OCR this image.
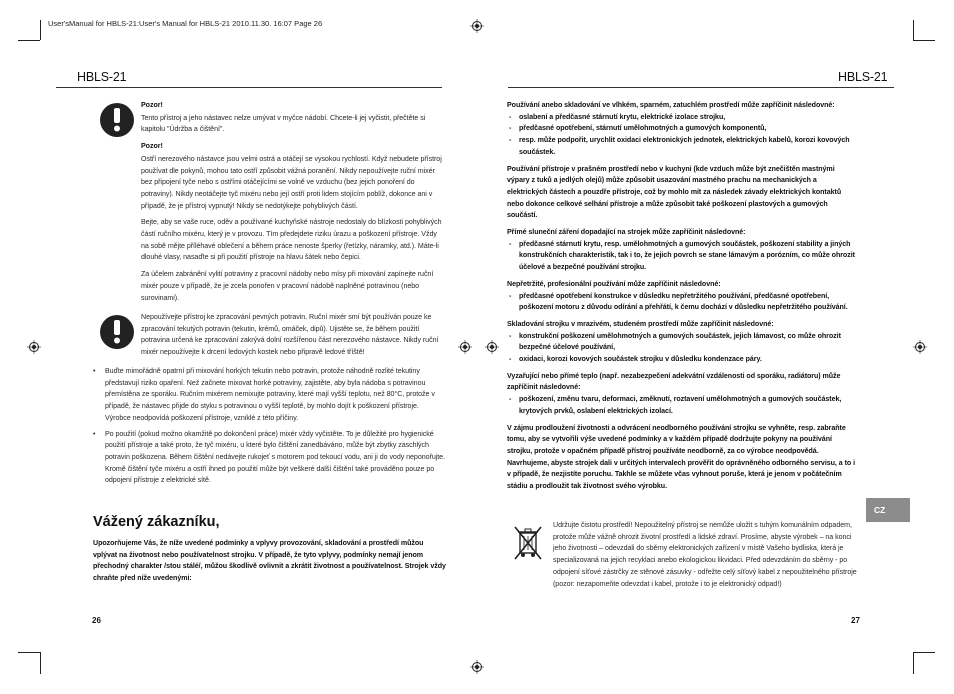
User'sManual for HBLS-21:User's Manual for HBLS-21 2010.11.30. 16:07 Page 26
HBLS-21

Pozor!

Tento přístroj a jeho nástavec nelze umývat v myčce nádobí. Chcete-li jej vyčistit, přečtěte si kapitolu "Údržba a čištění".

Pozor!

Ostří nerezového nástavce jsou velmi ostrá a otáčejí se vysokou rychlostí. Když nebudete přístroj používat dle pokynů, mohou tato ostří způsobit vážná poranění. Nikdy nepoužívejte ruční mixér bez připojení tyče nebo s ostřími otáčejícími se volně ve vzduchu (bez jejich ponoření do potraviny). Nikdy neotáčejte tyč mixéru nebo její ostří proti lidem stojícím poblíž, dokonce ani v případě, že je přístroj vypnutý! Nikdy se nedotýkejte pohyblivých částí.

Bejte, aby se vaše ruce, oděv a používané kuchyňské nástroje nedostaly do blízkosti pohyblivých částí ručního mixéru, který je v provozu. Tím předejdete riziku úrazu a poškození přístroje. Vždy na sobě mějte příléhavé oblečení a během práce nenoste šperky (řetízky, náramky, atd.). Máte-li dlouhé vlasy, nasaďte si při použití přístroje na hlavu šátek nebo čepici.

Za účelem zabránění vylití potraviny z pracovní nádoby nebo mísy při mixování zapínejte ruční mixér pouze v případě, že je zcela ponořen v pracovní nádobě naplněné potravinou (nebo surovinami).

Nepoužívejte přístroj ke zpracování pevných potravin. Ruční mixér smí být používán pouze ke zpracování tekutých potravin (tekutin, krémů, omáček, dipů). Ujistěte se, že během použití potravina určená ke zpracování zakrývá dolní rozšířenou část nerezového nástavce. Nikdy ruční mixér nepoužívejte k drcení ledových kostek nebo připravě ledové tříště!
• Buďte mimořádně opatrní při mixování horkých tekutin nebo potravin, protože náhodně rozlité tekutiny představují riziko opaření. Než začnete mixovat horké potraviny, zajistěte, aby byla nádoba s potravinou přemístěna ze sporáku. Ručním mixérem nemixujte potraviny, které mají vyšší teplotu, než 80°C, protože v případě, že nástavec přijde do styku s potravinou o vyšší teplotě, by mohlo dojít k poškození přístroje. Výrobce neodpovídá poškození přístroje, vzniklé z této příčiny.
• Po použití (pokud možno okamžitě po dokončení práce) mixér vždy vyčistěte. To je důležité pro hygienické použití přístroje a také proto, že tyč mixéru, u které bylo čištění zanedbáváno, může být zbytky zaschlých potravin poškozena. Během čištění nedávejte rukojeť s motorem pod tekoucí vodu, ani ji do vody neponořujte. Kromě čištění tyče mixéru a ostří ihned po použití může být veškeré další čištění také prováděno pouze po odpojení přístroje z elektrické sítě.
Vážený zákazníku,
Upozorňujeme Vás, že níže uvedené podmínky a vplyvy provozování, skladování a prostředí můžou vplývat na životnost nebo používatelnost strojku. V případě, že tyto vplyvy, podmínky nemají jenom přechodný charakter /stou stálé/, můžou škodlivě ovlivnit a zkrátit životnost a používatelnost. Strojek vždy chraňte před níže uvedenými:
26
HBLS-21

Používání anebo skladování ve vlhkém, sparném, zatuchlém prostředí může zapříčinit následovné:

- oslabení a předčasné stárnutí krytu, elektrické izolace strojku,
- předčasné opotřebení, stárnutí umělohmotných a gumových komponentů,
- resp. může podpořit, urychlit oxidaci elektronických jednotek, elektrických kabelů, korozi kovových součástek.

Používání přístroje v prašném prostředí nebo v kuchyni (kde vzduch může být znečištěn mastnými výpary z tuků a jedlých olejů) může způsobit usazování mastného prachu na mechanických a elektrických částech a pouzdře přístroje, což by mohlo mít za následek závady elektrických kontaktů nebo dokonce celkové selhání přístroje a může způsobit také poškození plastových a gumových součástí.

Přímé sluneční záření dopadající na strojek může zapříčinit následovné:

- předčasné stárnutí krytu, resp. umělohmotných a gumových součástek, poškození stability a jiných konstrukčních charakteristik, tak i to, že jejich povrch se stane lámavým a porózním, co může ohrozit účelové a bezpečné používání strojku.

Nepřetržité, profesionální používání může zapříčinit následovné:

- předčasné opotřebení konstrukce v důsledku nepřetržitého používání, předčasné opotřebení, poškození motoru z důvodu odírání a přehřátí, k čemu dochází v důsledku nepřetržitého používání.

Skladování strojku v mrazivém, studeném prostředí může zapříčinit následovné:

- konstrukční poškození umělohmotných a gumových součástek, jejich lámavost, co může ohrozit bezpečné účelové používání,
- oxidaci, korozi kovových součástek strojku v důsledku kondenzace páry.

Vyzařující nebo přímé teplo (např. nezabezpečení adekvátní vzdálenosti od sporáku, radiátoru) může zapříčinit následovné:

- poškození, změnu tvaru, deformaci, změknutí, roztavení umělohmotných a gumových součástek, krytových prvků, oslabení elektrických izolací.

V zájmu prodloužení životnosti a odvrácení neodborného používání strojku se vyhněte, resp. zabraňte tomu, aby se vytvořili výše uvedené podmínky a v každém případě dodržujte pokyny na používání strojku, protože v opačném případě přístroj používáte neodborně, za co výrobce neodpovědá. Navrhujeme, abyste strojek dali v určitých intervalech prověřit do oprávněného odborného servisu, a to i v případě, že nezjistíte poruchu. Takhle se můžete včas vyhnout poruše, která je jenom v počátečním stádiu a prodloužit tak životnost svého výrobku.

Udržujte čistotu prostředí! Nepoužitelný přístroj se nemůže uložit s tuhým komunálním odpadem, protože může vážně ohrozit životní prostředí a lidské zdraví. Prosíme, abyste výrobek – na konci jeho životnosti – odevzdali do sběrny elektronických zařízení v místě Vašeho bydliska, která je specializovaná na jejich recyklaci anebo ekologickou likvidaci. Před odevzdáním do sběrny - po odpojení síťové zástrčky ze stěnové zásuvky - odřežte celý síťový kabel z nepoužitelného přístroje (pozor: nezapomeňte odevzdat i kabel, protože i to je elektronický odpad!)
CZ
27
